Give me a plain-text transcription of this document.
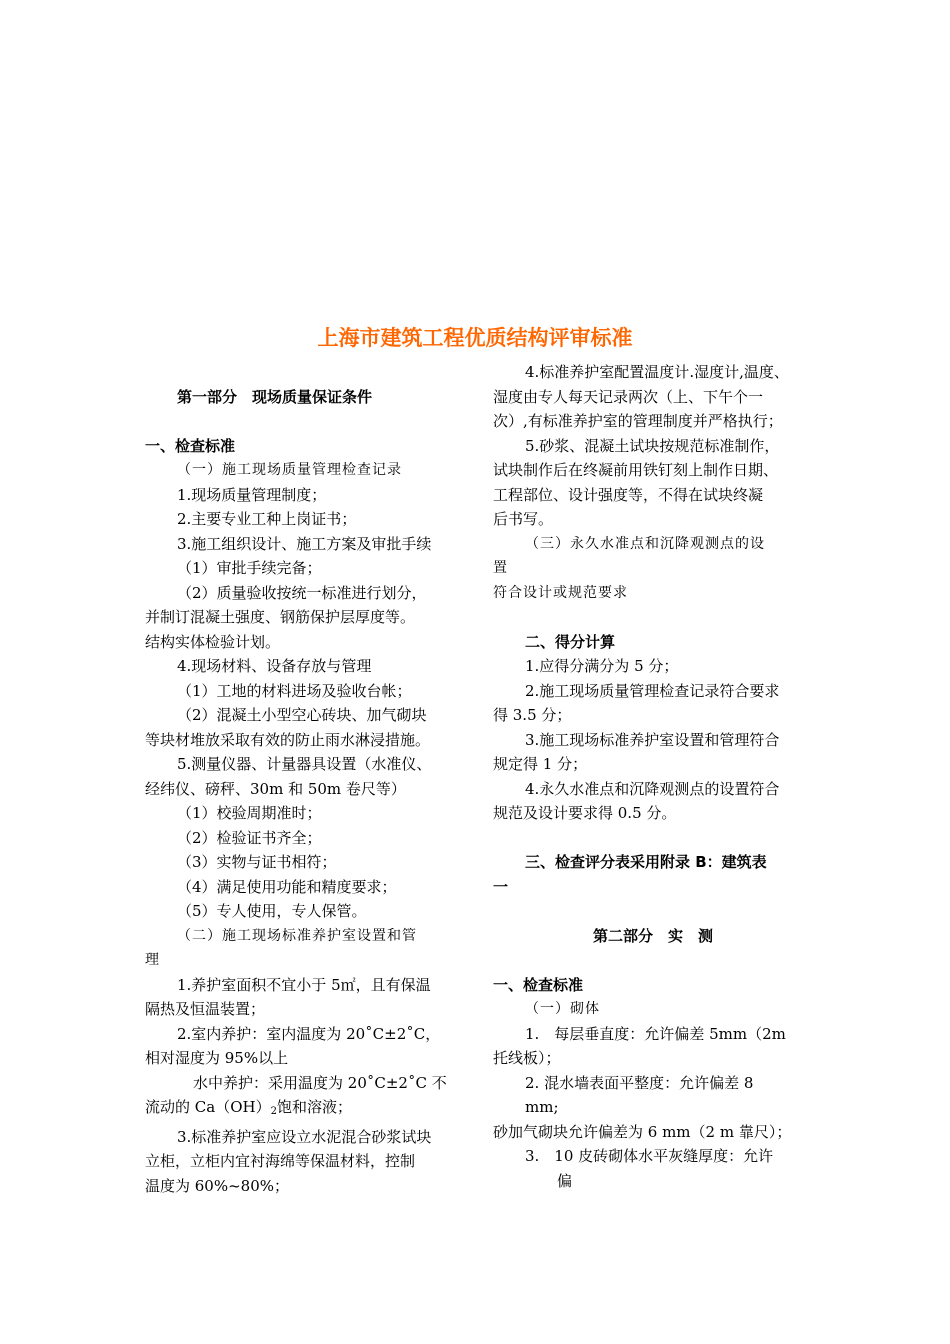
上海市建筑工程优质结构评审标准
第一部分　现场质量保证条件
一、检查标准
（一）施工现场质量管理检查记录
1.现场质量管理制度；
2.主要专业工种上岗证书；
3.施工组织设计、施工方案及审批手续
（1）审批手续完备；
（2）质量验收按统一标准进行划分，
并制订混凝土强度、钢筋保护层厚度等。
结构实体检验计划。
4.现场材料、设备存放与管理
（1）工地的材料进场及验收台帐；
（2）混凝土小型空心砖块、加气砌块
等块材堆放采取有效的防止雨水淋浸措施。
5.测量仪器、计量器具设置（水准仪、
经纬仪、磅秤、30m 和 50m 卷尺等）
（1）校验周期准时；
（2）检验证书齐全；
（3）实物与证书相符；
（4）满足使用功能和精度要求；
（5）专人使用，专人保管。
（二）施工现场标准养护室设置和管
理
1.养护室面积不宜小于 5㎡，且有保温
隔热及恒温装置；
2.室内养护：室内温度为 20˚C±2˚C，
相对湿度为 95%以上
水中养护：采用温度为 20˚C±2˚C 不
流动的 $Ca(OH)_2$饱和溶液；
3.标准养护室应设立水泥混合砂浆试块
立柜，立柜内宜衬海绵等保温材料，控制
温度为 60%~80%；
4.标准养护室配置温度计.湿度计,温度、
湿度由专人每天记录两次（上、下午个一
次）,有标准养护室的管理制度并严格执行；
5.砂浆、混凝土试块按规范标准制作，
试块制作后在终凝前用铁钉刻上制作日期、
工程部位、设计强度等，不得在试块终凝
后书写。
（三）永久水准点和沉降观测点的设
置
符合设计或规范要求
二、得分计算
1.应得分满分为 5 分；
2.施工现场质量管理检查记录符合要求
得 3.5 分；
3.施工现场标准养护室设置和管理符合
规定得 1 分；
4.永久水准点和沉降观测点的设置符合
规范及设计要求得 0.5 分。
三、检查评分表采用附录 B：建筑表
一
第二部分　实　测
一、检查标准
（一）砌体
1.　每层垂直度：允许偏差 5mm（2m
托线板）；
2. 混水墙表面平整度：允许偏差 8
mm;
砂加气砌块允许偏差为 6 mm（2 m 靠尺）；
3.　10 皮砖砌体水平灰缝厚度：允许
偏
